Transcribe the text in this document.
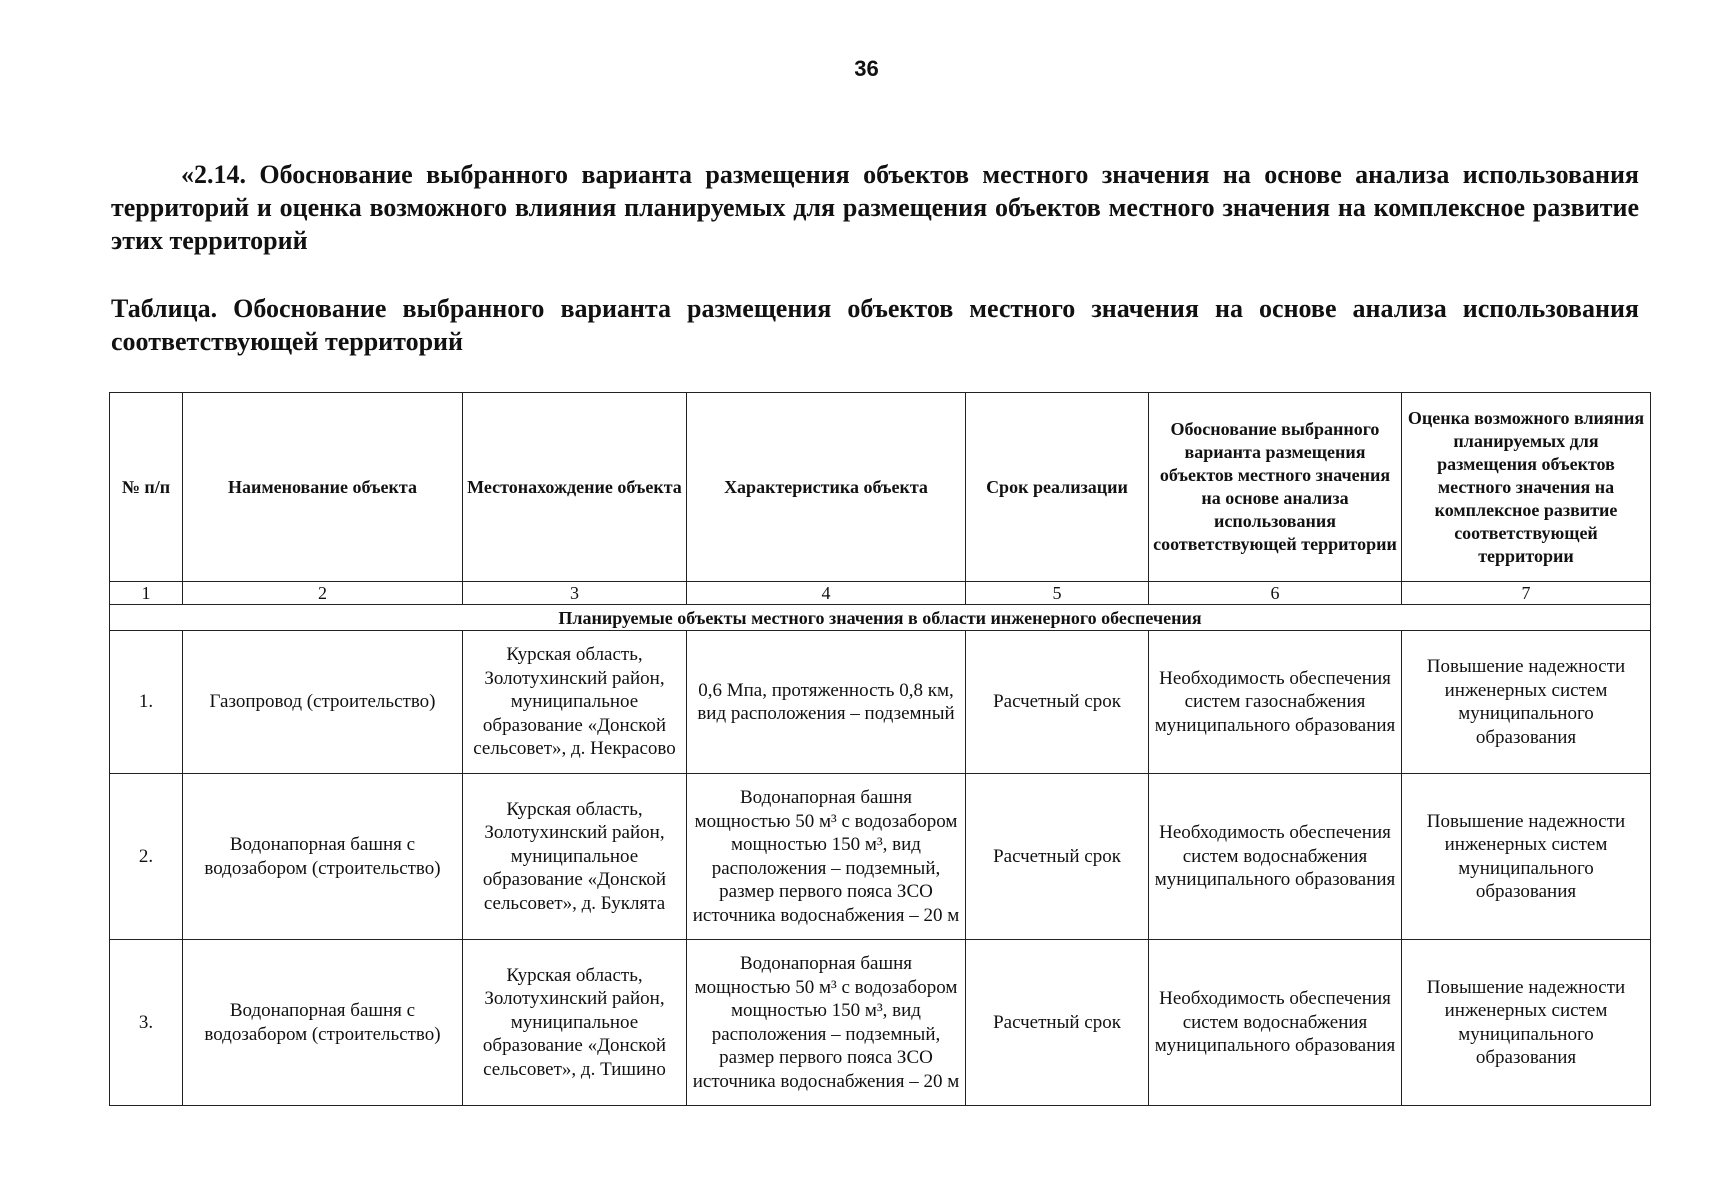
36
«2.14. Обоснование выбранного варианта размещения объектов местного значения на основе анализа использования территорий и оценка возможного влияния планируемых для размещения объектов местного значения на комплексное развитие этих территорий
Таблица. Обоснование выбранного варианта размещения объектов местного значения на основе анализа использования соответствующей территорий
№ п/п	Наименование объекта	Местонахождение объекта	Характеристика объекта	Срок реализации	Обоснование выбранного варианта размещения объектов местного значения на основе анализа использования соответствующей территории	Оценка возможного влияния планируемых для размещения объектов местного значения на комплексное развитие соответствующей территории
1	2	3	4	5	6	7
Планируемые объекты местного значения в области инженерного обеспечения						
1.	Газопровод (строительство)	Курская область, Золотухинский район, муниципальное образование «Донской сельсовет», д. Некрасово	0,6 Мпа, протяженность 0,8 км, вид расположения – подземный	Расчетный срок	Необходимость обеспечения систем газоснабжения муниципального образования	Повышение надежности инженерных систем муниципального образования
2.	Водонапорная башня с водозабором (строительство)	Курская область, Золотухинский район, муниципальное образование «Донской сельсовет», д. Буклята	Водонапорная башня мощностью 50 м³ с водозабором мощностью 150 м³, вид расположения – подземный, размер первого пояса ЗСО источника водоснабжения – 20 м	Расчетный срок	Необходимость обеспечения систем водоснабжения муниципального образования	Повышение надежности инженерных систем муниципального образования
3.	Водонапорная башня с водозабором (строительство)	Курская область, Золотухинский район, муниципальное образование «Донской сельсовет», д. Тишино	Водонапорная башня мощностью 50 м³ с водозабором мощностью 150 м³, вид расположения – подземный, размер первого пояса ЗСО источника водоснабжения – 20 м	Расчетный срок	Необходимость обеспечения систем водоснабжения муниципального образования	Повышение надежности инженерных систем муниципального образования
